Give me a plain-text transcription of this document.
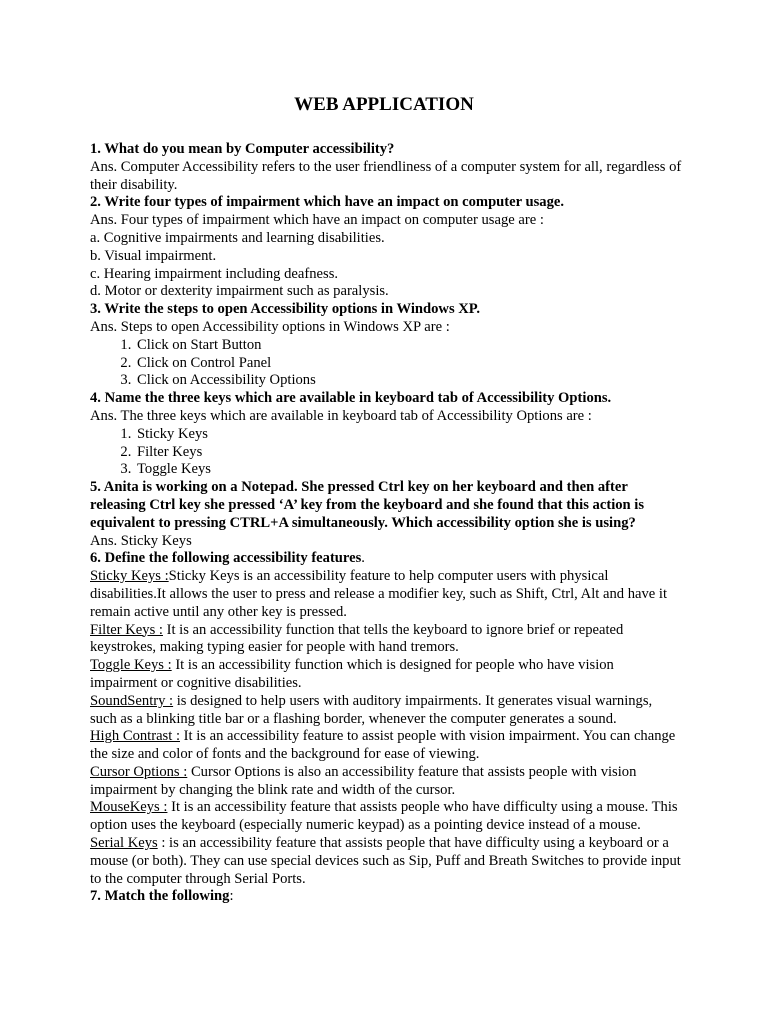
WEB APPLICATION

1. What do you mean by Computer accessibility?

Ans. Computer Accessibility refers to the user friendliness of a computer system for all, regardless of their disability.

2. Write four types of impairment which have an impact on computer usage.

Ans. Four types of impairment which have an impact on computer usage are :

a. Cognitive impairments and learning disabilities.

b. Visual impairment.

c. Hearing impairment including deafness.

d. Motor or dexterity impairment such as paralysis.

3. Write the steps to open Accessibility options in Windows XP.

Ans. Steps to open Accessibility options in Windows XP are :

1. Click on Start Button
2. Click on Control Panel
3. Click on Accessibility Options

4. Name the three keys which are available in keyboard tab of Accessibility Options.

Ans. The three keys which are available in keyboard tab of Accessibility Options are :

1. Sticky Keys
2. Filter Keys
3. Toggle Keys

5. Anita is working on a Notepad. She pressed Ctrl key on her keyboard and then after releasing Ctrl key she pressed ‘A’ key from the keyboard and she found that this action is equivalent to pressing CTRL+A simultaneously. Which accessibility option she is using?

Ans. Sticky Keys

6. Define the following accessibility features.

Sticky Keys :Sticky Keys is an accessibility feature to help computer users with physical disabilities.It allows the user to press and release a modifier key, such as Shift, Ctrl, Alt and have it remain active until any other key is pressed.

Filter Keys : It is an accessibility function that tells the keyboard to ignore brief or repeated keystrokes, making typing easier for people with hand tremors.

Toggle Keys : It is an accessibility function which is designed for people who have vision impairment or cognitive disabilities.

SoundSentry : is designed to help users with auditory impairments. It generates visual warnings, such as a blinking title bar or a flashing border, whenever the computer generates a sound.

High Contrast : It is an accessibility feature to assist people with vision impairment. You can change the size and color of fonts and the background for ease of viewing.

Cursor Options : Cursor Options is also an accessibility feature that assists people with vision impairment by changing the blink rate and width of the cursor.

MouseKeys : It is an accessibility feature that assists people who have difficulty using a mouse. This option uses the keyboard (especially numeric keypad) as a pointing device instead of a mouse.

Serial Keys : is an accessibility feature that assists people that have difficulty using a keyboard or a mouse (or both). They can use special devices such as Sip, Puff and Breath Switches to provide input to the computer through Serial Ports.

7. Match the following:
